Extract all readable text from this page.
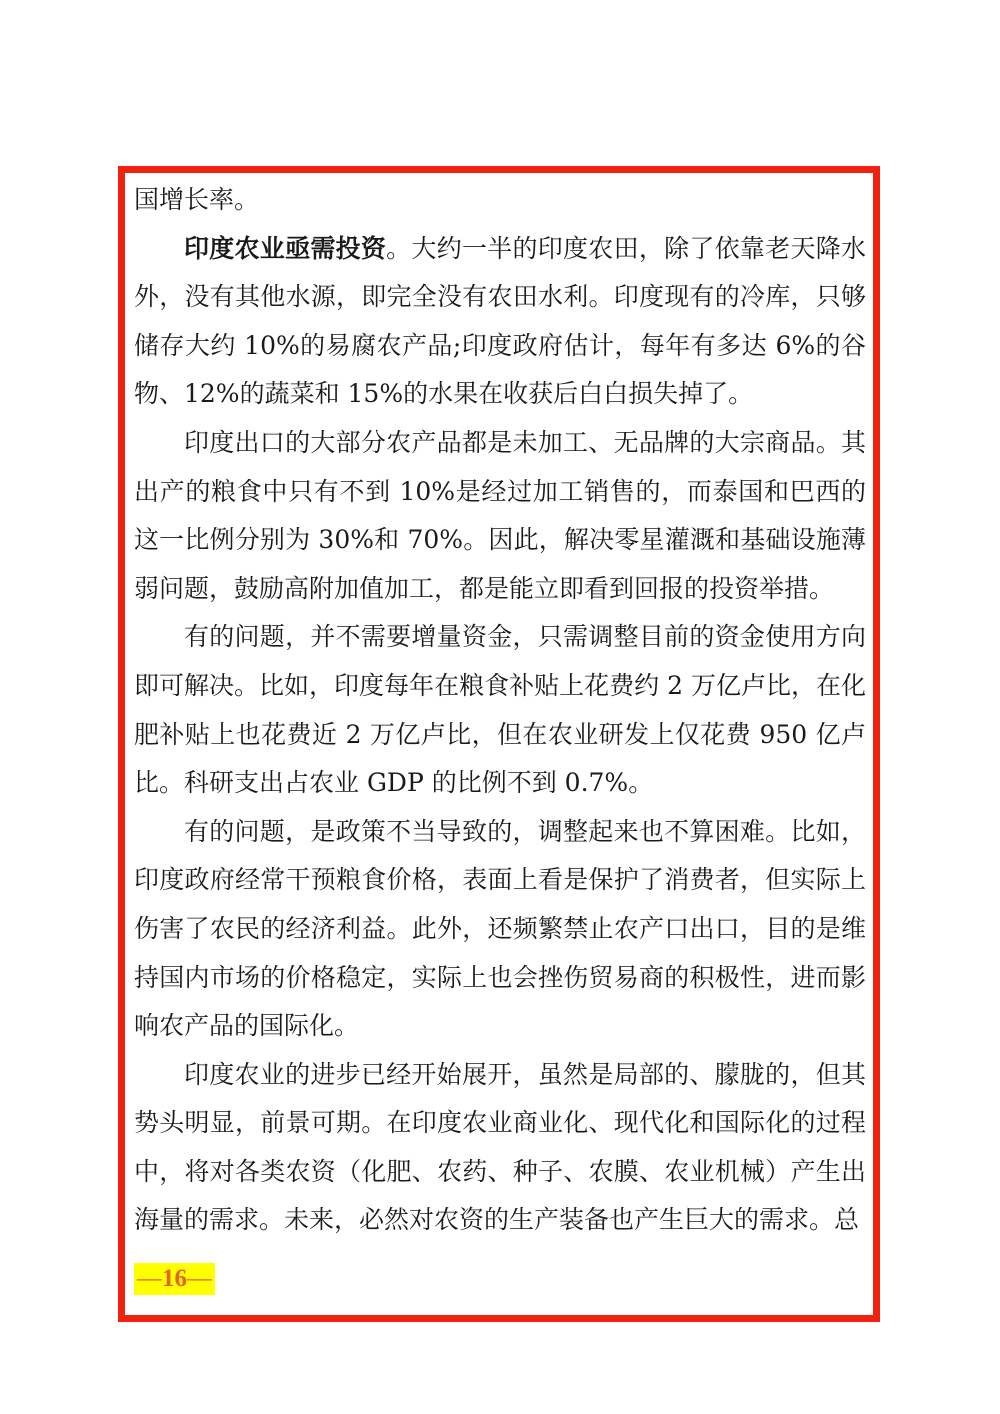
国增长率。

印度农业亟需投资。大约一半的印度农田，除了依靠老天降水外，没有其他水源，即完全没有农田水利。印度现有的冷库，只够储存大约 10%的易腐农产品;印度政府估计，每年有多达 6%的谷物、12%的蔬菜和 15%的水果在收获后白白损失掉了。

印度出口的大部分农产品都是未加工、无品牌的大宗商品。其出产的粮食中只有不到 10%是经过加工销售的，而泰国和巴西的这一比例分别为 30%和 70%。因此，解决零星灌溉和基础设施薄弱问题，鼓励高附加值加工，都是能立即看到回报的投资举措。

有的问题，并不需要增量资金，只需调整目前的资金使用方向即可解决。比如，印度每年在粮食补贴上花费约 2 万亿卢比，在化肥补贴上也花费近 2 万亿卢比，但在农业研发上仅花费 950 亿卢比。科研支出占农业 GDP 的比例不到 0.7%。

有的问题，是政策不当导致的，调整起来也不算困难。比如，印度政府经常干预粮食价格，表面上看是保护了消费者，但实际上伤害了农民的经济利益。此外，还频繁禁止农产口出口，目的是维持国内市场的价格稳定，实际上也会挫伤贸易商的积极性，进而影响农产品的国际化。

印度农业的进步已经开始展开，虽然是局部的、朦胧的，但其势头明显，前景可期。在印度农业商业化、现代化和国际化的过程中，将对各类农资（化肥、农药、种子、农膜、农业机械）产生出海量的需求。未来，必然对农资的生产装备也产生巨大的需求。总

—16—
